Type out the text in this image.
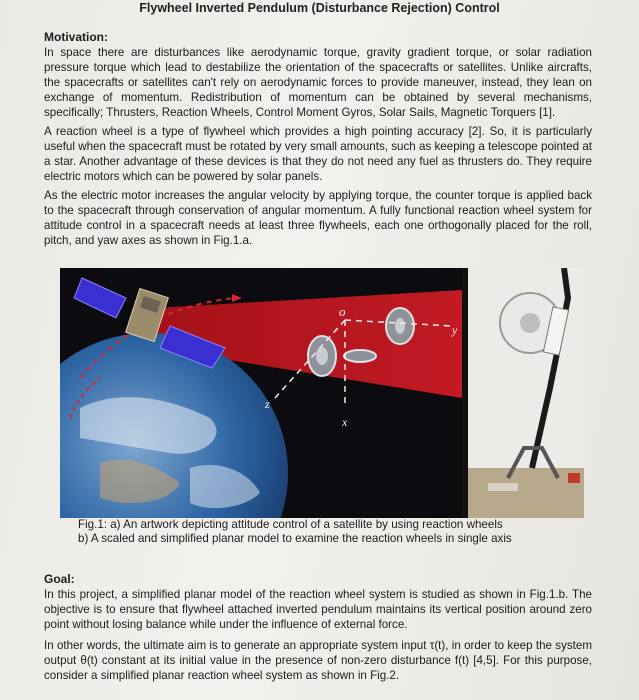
Flywheel Inverted Pendulum (Disturbance Rejection) Control
Motivation:

In space there are disturbances like aerodynamic torque, gravity gradient torque, or solar radiation pressure torque which lead to destabilize the orientation of the spacecrafts or satellites. Unlike aircrafts, the spacecrafts or satellites can't rely on aerodynamic forces to provide maneuver, instead, they lean on exchange of momentum. Redistribution of momentum can be obtained by several mechanisms, specifically; Thrusters, Reaction Wheels, Control Moment Gyros, Solar Sails, Magnetic Torquers [1].

A reaction wheel is a type of flywheel which provides a high pointing accuracy [2]. So, it is particularly useful when the spacecraft must be rotated by very small amounts, such as keeping a telescope pointed at a star. Another advantage of these devices is that they do not need any fuel as thrusters do. They require electric motors which can be powered by solar panels.

As the electric motor increases the angular velocity by applying torque, the counter torque is applied back to the spacecraft through conservation of angular momentum. A fully functional reaction wheel system for attitude control in a spacecraft needs at least three flywheels, each one orthogonally placed for the roll, pitch, and yaw axes as shown in Fig.1.a.

o
y
z
x

Fig.1: a) An artwork depicting attitude control of a satellite by using reaction wheels
b) A scaled and simplified planar model to examine the reaction wheels in single axis

Goal:

In this project, a simplified planar model of the reaction wheel system is studied as shown in Fig.1.b. The objective is to ensure that flywheel attached inverted pendulum maintains its vertical position around zero point without losing balance while under the influence of external force.

In other words, the ultimate aim is to generate an appropriate system input τ(t), in order to keep the system output θ(t) constant at its initial value in the presence of non-zero disturbance f(t) [4,5]. For this purpose, consider a simplified planar reaction wheel system as shown in Fig.2.
